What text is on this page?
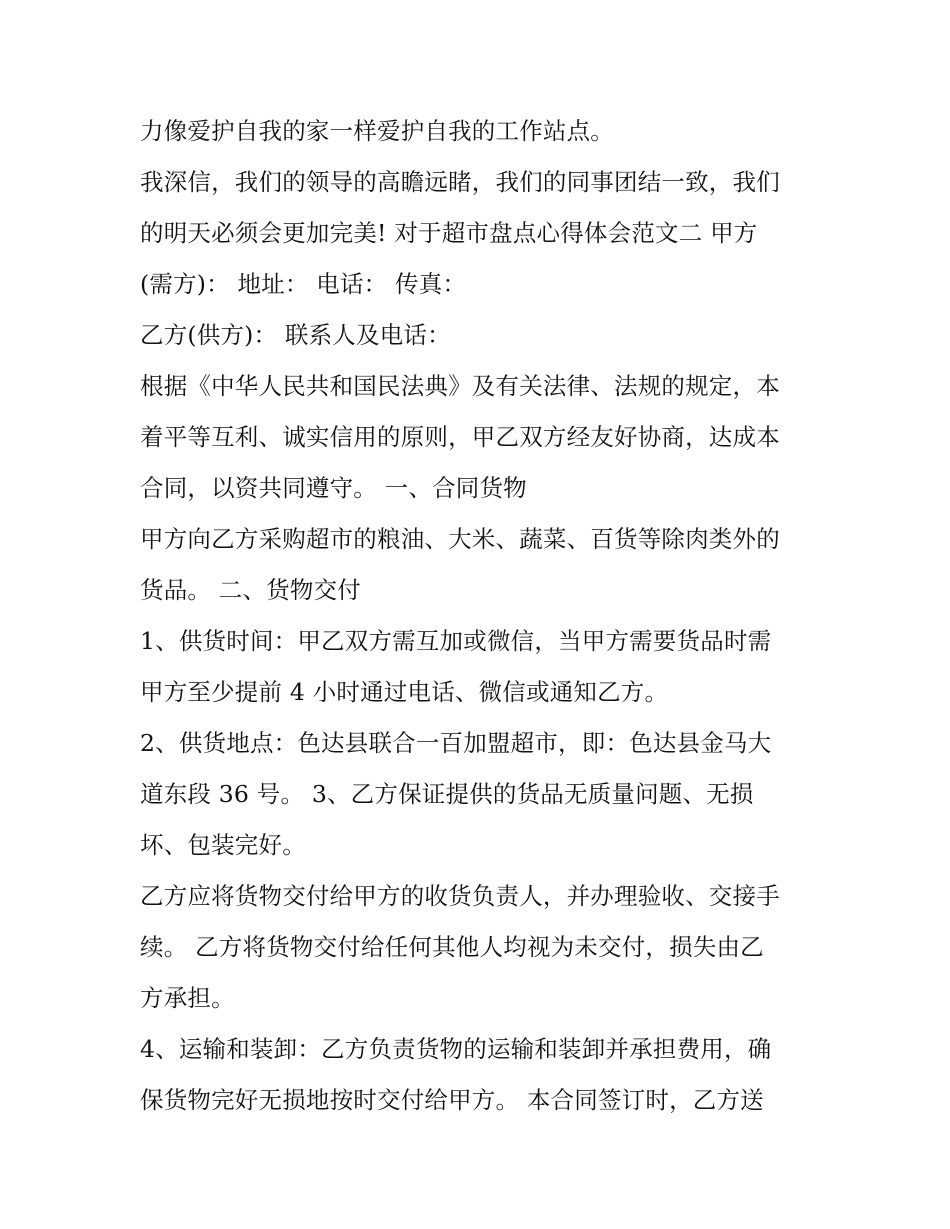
力像爱护自我的家一样爱护自我的工作站点。
我深信，我们的领导的高瞻远睹，我们的同事团结一致，我们
的明天必须会更加完美! 对于超市盘点心得体会范文二 甲方
(需方)： 地址： 电话： 传真：
乙方(供方)： 联系人及电话：
根据《中华人民共和国民法典》及有关法律、法规的规定，本
着平等互利、诚实信用的原则，甲乙双方经友好协商，达成本
合同，以资共同遵守。 一、合同货物
甲方向乙方采购超市的粮油、大米、蔬菜、百货等除肉类外的
货品。 二、货物交付
1、供货时间：甲乙双方需互加或微信，当甲方需要货品时需
甲方至少提前 4 小时通过电话、微信或通知乙方。
2、供货地点：色达县联合一百加盟超市，即：色达县金马大
道东段 36 号。 3、乙方保证提供的货品无质量问题、无损
坏、包装完好。
乙方应将货物交付给甲方的收货负责人，并办理验收、交接手
续。 乙方将货物交付给任何其他人均视为未交付，损失由乙
方承担。
4、运输和装卸：乙方负责货物的运输和装卸并承担费用，确
保货物完好无损地按时交付给甲方。 本合同签订时，乙方送
